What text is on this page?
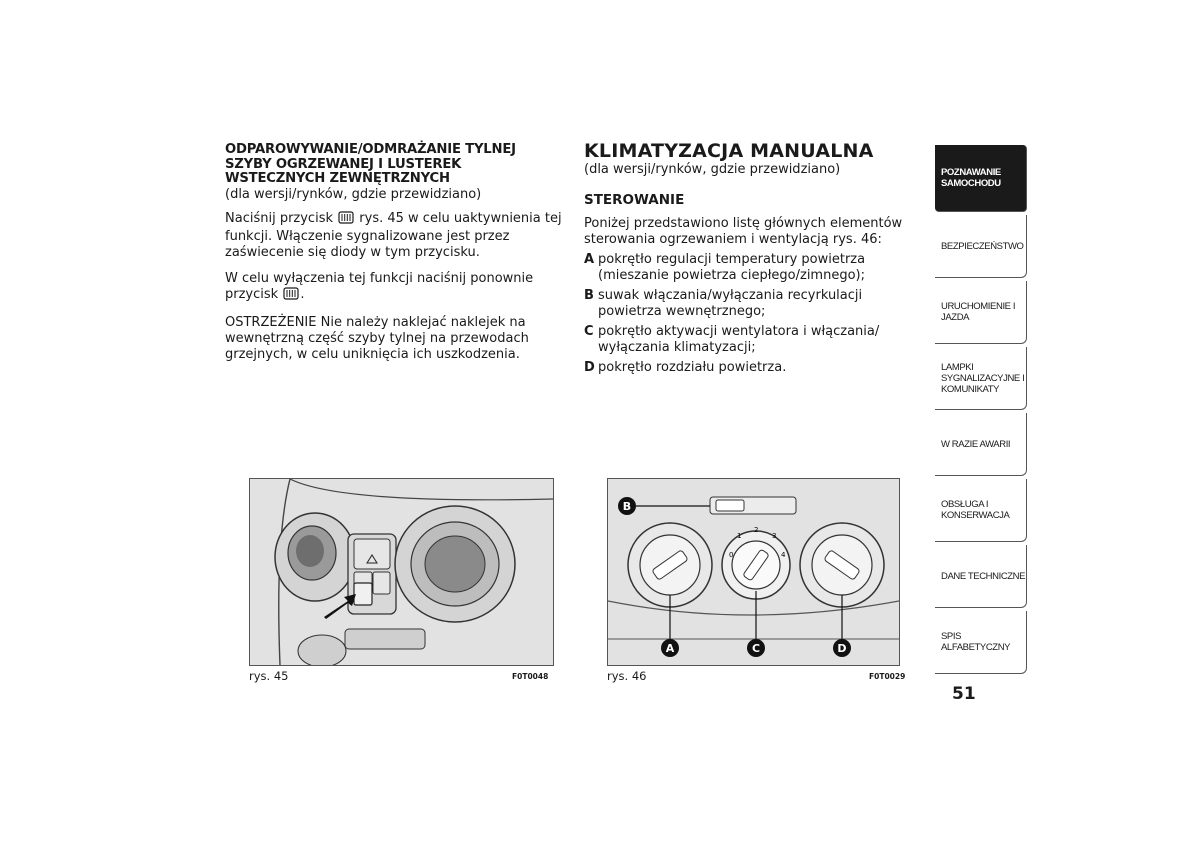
ODPAROWYWANIE/ODMRAŻANIE TYLNEJ
SZYBY OGRZEWANEJ I LUSTEREK
WSTECZNYCH ZEWNĘTRZNYCH
(dla wersji/rynków, gdzie przewidziano)

Naciśnij przycisk rys. 45 w celu uaktywnienia tej funkcji. Włączenie sygnalizowane jest przez zaświecenie się diody w tym przycisku.

W celu wyłączenia tej funkcji naciśnij ponownie przycisk .

OSTRZEŻENIE Nie należy naklejać naklejek na wewnętrzną część szyby tylnej na przewodach grzejnych, w celu uniknięcia ich uszkodzenia.

KLIMATYZACJA MANUALNA
(dla wersji/rynków, gdzie przewidziano)
STEROWANIE
Poniżej przedstawiono listę głównych elementów sterowania ogrzewaniem i wentylacją rys. 46:
A pokrętło regulacji temperatury powietrza (mieszanie powietrza ciepłego/zimnego);
B suwak włączania/wyłączania recyrkulacji powietrza wewnętrznego;
C pokrętło aktywacji wentylatora i włączania/ wyłączania klimatyzacji;
D pokrętło rozdziału powietrza.
rys. 45	F0T0048
B
A	C	D
0
1
2
3
4
rys. 46	F0T0029
POZNAWANIE SAMOCHODU
BEZPIECZEŃSTWO
URUCHOMIENIE I JAZDA
LAMPKI SYGNALIZACYJNE I KOMUNIKATY
W RAZIE AWARII
OBSŁUGA I KONSERWACJA
DANE TECHNICZNE
SPIS ALFABETYCZNY
51
